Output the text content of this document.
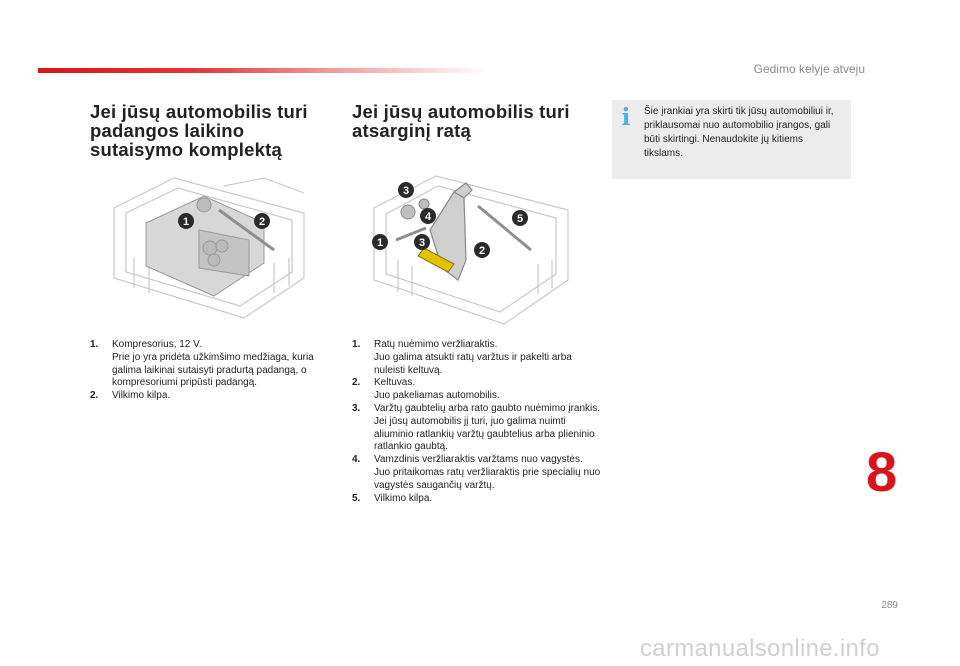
Gedimo kelyje atveju
Jei jūsų automobilis turi padangos laikino sutaisymo komplektą
Jei jūsų automobilis turi atsarginį ratą	i Šie įrankiai yra skirti tik jūsų automobiliui ir, priklausomai nuo automobilio įrangos, gali būti skirtingi. Nenaudokite jų kitiems tikslams.
1	2
3
4	5
1	3
2
1. Kompresorius, 12 V.
Prie jo yra pridėta užkimšimo medžiaga, kuria galima laikinai sutaisyti pradurtą padangą, o kompresoriumi pripūsti padangą.
2. Vilkimo kilpa.
1. Ratų nuėmimo veržliaraktis.
Juo galima atsukti ratų varžtus ir pakelti arba nuleisti keltuvą.
2. Keltuvas.
Juo pakeliamas automobilis.
3. Varžtų gaubtelių arba rato gaubto nuėmimo įrankis.
Jei jūsų automobilis jį turi, juo galima nuimti aliuminio ratlankių varžtų gaubtelius arba plieninio ratlankio gaubtą.
4. Vamzdinis veržliaraktis varžtams nuo vagystės.
Juo pritaikomas ratų veržliaraktis prie specialių nuo vagystės saugančių varžtų.
5. Vilkimo kilpa.	8
289
carmanualsonline.info
